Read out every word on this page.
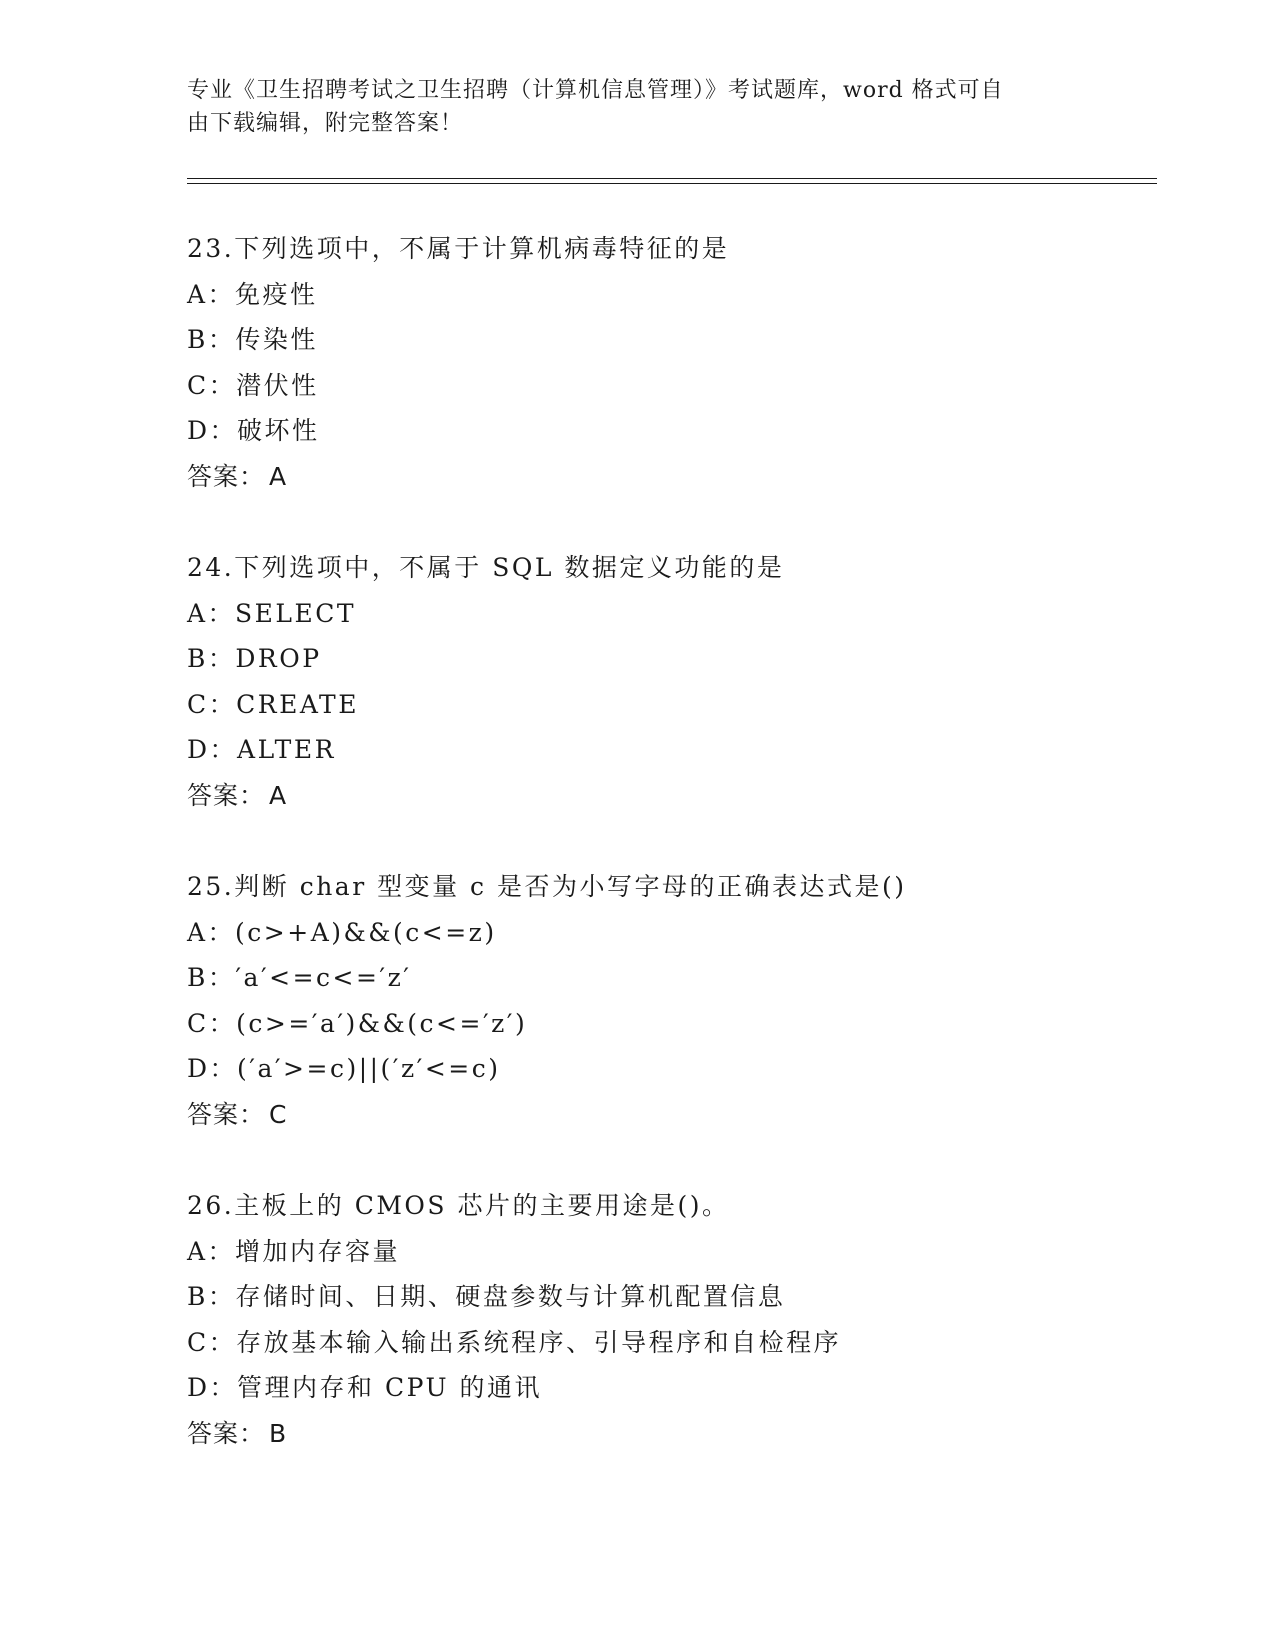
专业《卫生招聘考试之卫生招聘（计算机信息管理）》考试题库，word 格式可自
由下载编辑，附完整答案！
23.下列选项中，不属于计算机病毒特征的是
A：免疫性
B：传染性
C：潜伏性
D：破坏性
答案： A
24.下列选项中，不属于 SQL 数据定义功能的是
A：SELECT
B：DROP
C：CREATE
D：ALTER
答案： A
25.判断 char 型变量 c 是否为小写字母的正确表达式是()
A：(c>+A)&&(c<=z)
B：′a′<=c<=′z′
C：(c>=′a′)&&(c<=′z′)
D：(′a′>=c)||(′z′<=c)
答案： C
26.主板上的 CMOS 芯片的主要用途是()。
A：增加内存容量
B：存储时间、日期、硬盘参数与计算机配置信息
C：存放基本输入输出系统程序、引导程序和自检程序
D：管理内存和 CPU 的通讯
答案： B
